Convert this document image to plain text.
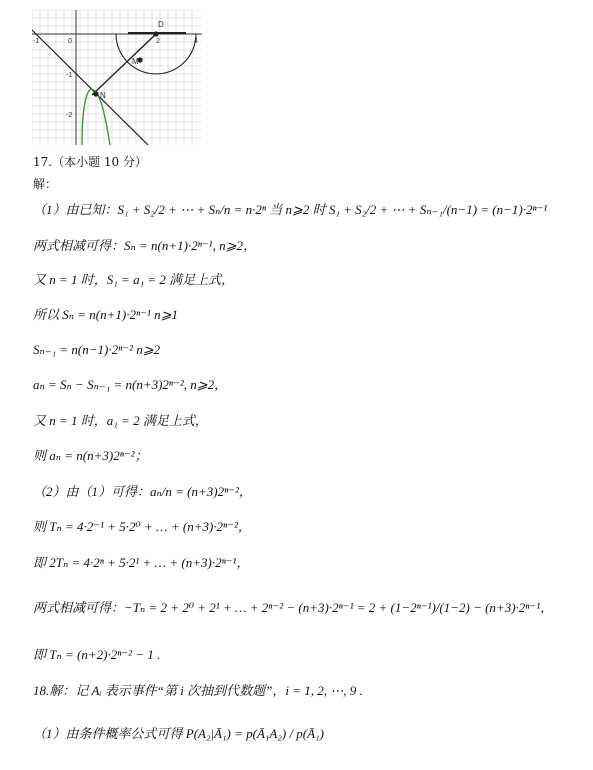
D
M
N
0	2	4
-1
-2
-1
17.（本小题 10 分）
解：
（1）由已知：S₁ + S₂/2 + ⋯ + Sₙ/n = n·2ⁿ 当 n⩾2 时 S₁ + S₂/2 + ⋯ + Sₙ₋₁/(n−1) = (n−1)·2ⁿ⁻¹
两式相减可得：Sₙ = n(n+1)·2ⁿ⁻¹, n⩾2，
又 n = 1 时，S₁ = a₁ = 2 满足上式，
所以 Sₙ = n(n+1)·2ⁿ⁻¹ n⩾1
Sₙ₋₁ = n(n−1)·2ⁿ⁻² n⩾2
aₙ = Sₙ − Sₙ₋₁ = n(n+3)2ⁿ⁻², n⩾2，
又 n = 1 时，a₁ = 2 满足上式，
则 aₙ = n(n+3)2ⁿ⁻²；
（2）由（1）可得：aₙ/n = (n+3)2ⁿ⁻²，
则 Tₙ = 4·2⁻¹ + 5·2⁰ + … + (n+3)·2ⁿ⁻²，
即 2Tₙ = 4·2ⁿ + 5·2¹ + … + (n+3)·2ⁿ⁻¹，
两式相减可得：−Tₙ = 2 + 2⁰ + 2¹ + … + 2ⁿ⁻² − (n+3)·2ⁿ⁻¹ = 2 + (1−2ⁿ⁻¹)/(1−2) − (n+3)·2ⁿ⁻¹，
即 Tₙ = (n+2)·2ⁿ⁻² − 1 .
18.解：记 Aᵢ 表示事件“第 i 次抽到代数题”，i = 1, 2, ⋯, 9 .
（1）由条件概率公式可得 P(A₂|Ā₁) = p(Ā₁A₂) / p(Ā₁)
